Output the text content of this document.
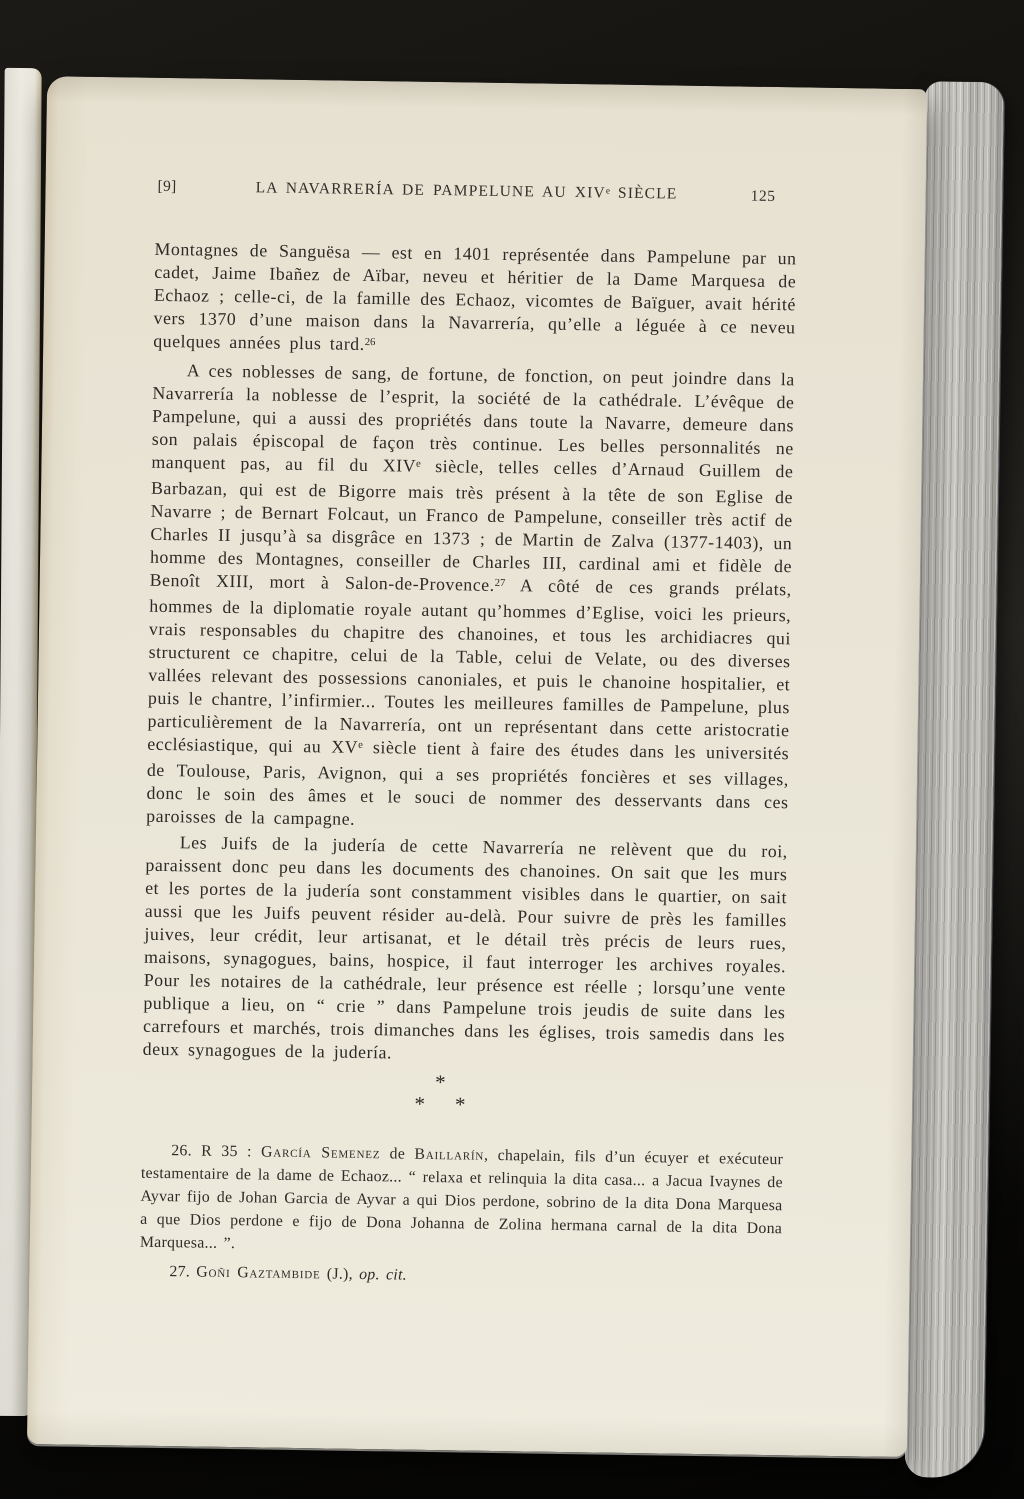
[9]	LA NAVARRERÍA DE PAMPELUNE AU XIVe SIÈCLE	125

Montagnes de Sanguësa — est en 1401 représentée dans Pampelune par un cadet, Jaime Ibañez de Aïbar, neveu et héritier de la Dame Marquesa de Echaoz ; celle-ci, de la famille des Echaoz, vicomtes de Baïguer, avait hérité vers 1370 d’une maison dans la Navarrería, qu’elle a léguée à ce neveu quelques années plus tard.$^{26}$

A ces noblesses de sang, de fortune, de fonction, on peut joindre dans la Navarrería la noblesse de l’esprit, la société de la cathédrale. L’évêque de Pampelune, qui a aussi des propriétés dans toute la Navarre, demeure dans son palais épiscopal de façon très continue. Les belles personnalités ne manquent pas, au fil du XIVe siècle, telles celles d’Arnaud Guillem de Barbazan, qui est de Bigorre mais très présent à la tête de son Eglise de Navarre ; de Bernart Folcaut, un Franco de Pampelune, conseiller très actif de Charles II jusqu’à sa disgrâce en 1373 ; de Martin de Zalva (1377-1403), un homme des Montagnes, conseiller de Charles III, cardinal ami et fidèle de Benoît XIII, mort à Salon-de-Provence.$^{27}$ A côté de ces grands prélats, hommes de la diplomatie royale autant qu’hommes d’Eglise, voici les prieurs, vrais responsables du chapitre des chanoines, et tous les archidiacres qui structurent ce chapitre, celui de la Table, celui de Velate, ou des diverses vallées relevant des possessions canoniales, et puis le chanoine hospitalier, et puis le chantre, l’infirmier... Toutes les meilleures familles de Pampelune, plus particulièrement de la Navarrería, ont un représentant dans cette aristocratie ecclésiastique, qui au XVe siècle tient à faire des études dans les universités de Toulouse, Paris, Avignon, qui a ses propriétés foncières et ses villages, donc le soin des âmes et le souci de nommer des desservants dans ces paroisses de la campagne.

Les Juifs de la judería de cette Navarrería ne relèvent que du roi, paraissent donc peu dans les documents des chanoines. On sait que les murs et les portes de la judería sont constamment visibles dans le quartier, on sait aussi que les Juifs peuvent résider au-delà. Pour suivre de près les familles juives, leur crédit, leur artisanat, et le détail très précis de leurs rues, maisons, synagogues, bains, hospice, il faut interroger les archives royales. Pour les notaires de la cathédrale, leur présence est réelle ; lorsqu’une vente publique a lieu, on “ crie ” dans Pampelune trois jeudis de suite dans les carrefours et marchés, trois dimanches dans les églises, trois samedis dans les deux synagogues de la judería.

*
* *

26. R 35 : García Semenez de Baillarín, chapelain, fils d’un écuyer et exécuteur testamentaire de la dame de Echaoz... “ relaxa et relinquia la dita casa... a Jacua Ivaynes de Ayvar fijo de Johan Garcia de Ayvar a qui Dios perdone, sobrino de la dita Dona Marquesa a que Dios perdone e fijo de Dona Johanna de Zolina hermana carnal de la dita Dona Marquesa... ”.

27. Goñi Gaztambide (J.), op. cit.
